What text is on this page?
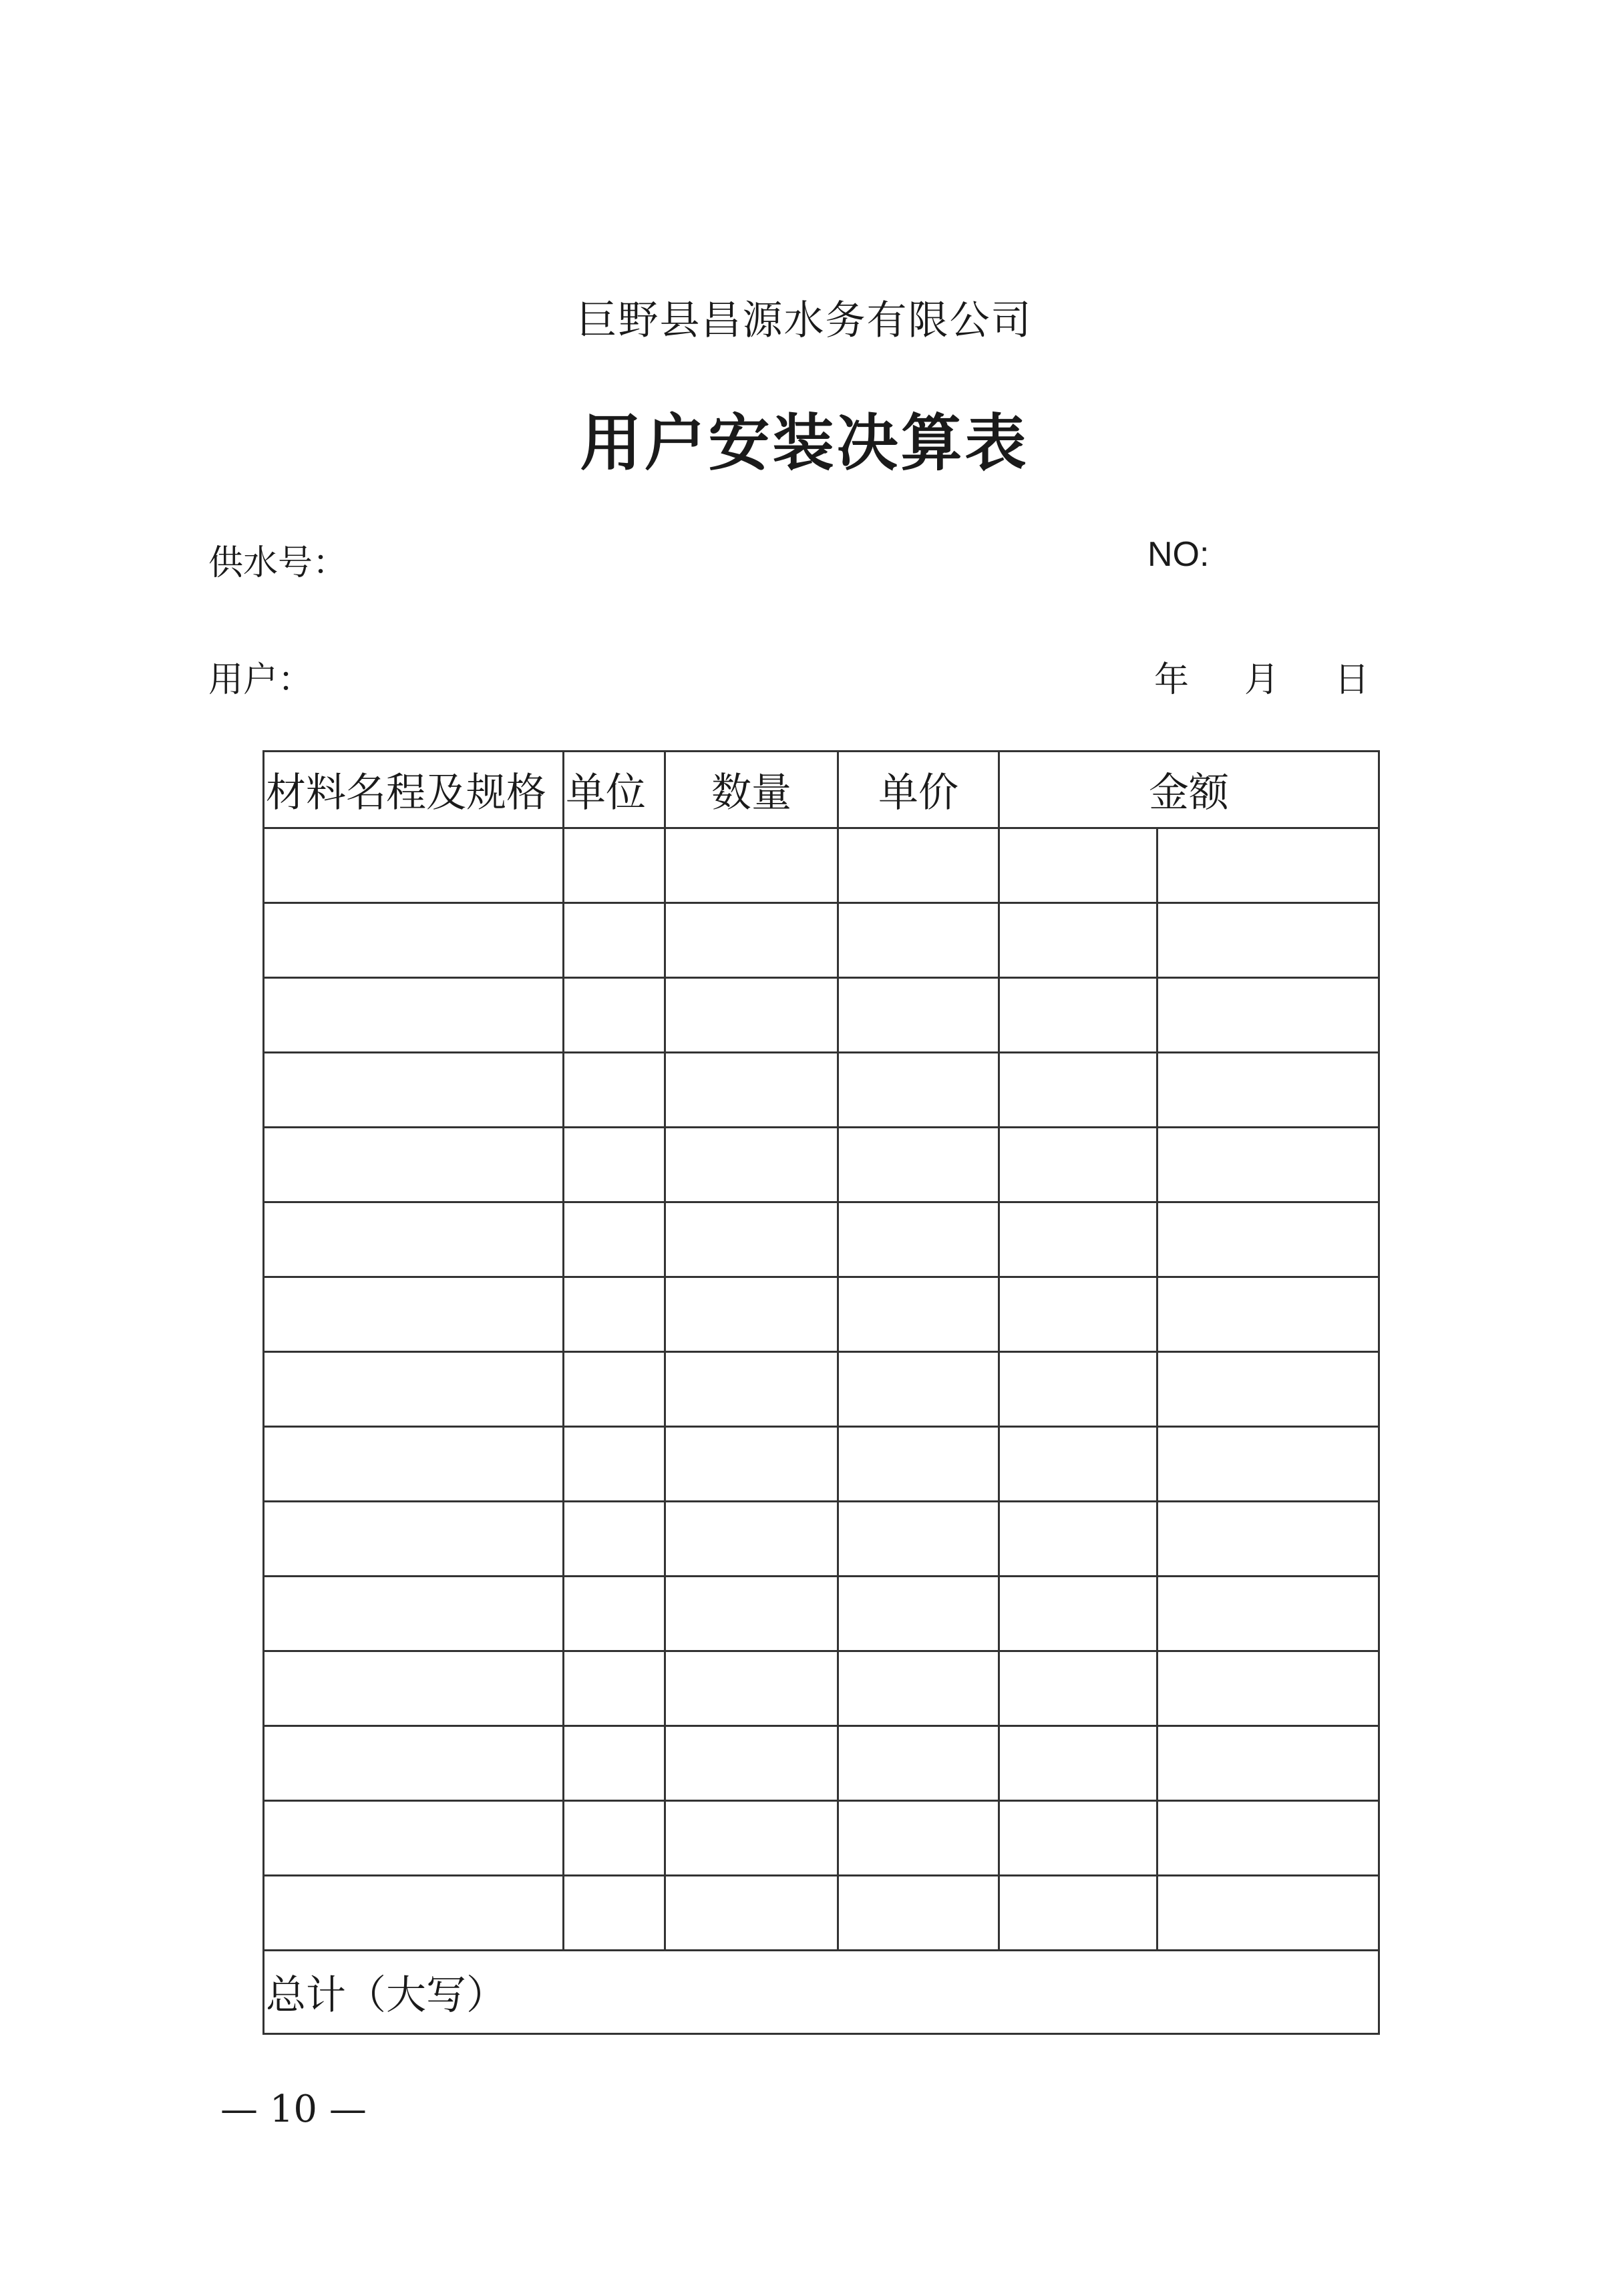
巨野县昌源水务有限公司
用户安装决算表
供水号：	NO:
用户：	年 月 日
材料名程及规格	单位	数量	单价	金额	

总计（大写）					
— 10 —
